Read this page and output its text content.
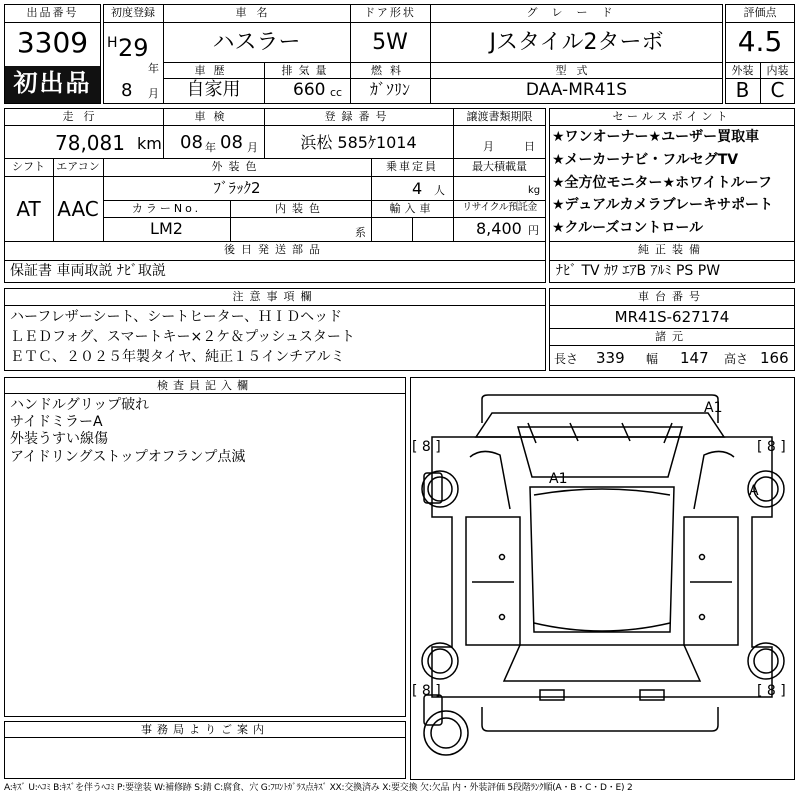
出品番号
3309
初出品
初度登録
H 29
年
8 月
車名
ハスラー
ドア形状
5W
グレード
Jスタイル2ターボ
車歴
自家用
排気量
660 cc
燃料
ｶﾞｿﾘﾝ
型式
DAA-MR41S
評価点
4.5
外装	内装
B	C
走行
78,081 km
車検
08 年 08 月
登録番号
浜松 585ｹ1014
譲渡書類期限
月	日
シフト
AT
エアコン
AAC
外装色
ﾌﾞﾗｯｸ2
乗車定員
4 人
最大積載量
kg
カラーNo.
LM2
内装色
系
輸入車	リサイクル預託金
8,400 円
後日発送部品
保証書 車両取説 ﾅﾋﾞ取説
セールスポイント
★ワンオーナー★ユーザー買取車
★メーカーナビ・フルセグTV
★全方位モニター★ホワイトルーフ
★デュアルカメラブレーキサポート
★クルーズコントロール
純正装備
ﾅﾋﾞ TV ｶﾜ ｴｱB ｱﾙﾐ PS PW
注意事項欄
ハーフレザーシート、シートヒーター、ＨＩＤヘッド
ＬＥＤフォグ、スマートキー×２ケ＆プッシュスタート
ＥＴＣ、２０２５年製タイヤ、純正１５インチアルミ
車台番号
MR41S-627174
諸元
長さ 339 幅 147 高さ 166
検査員記入欄
ハンドルグリップ破れ
サイドミラーA
外装うすい線傷
アイドリングストップオフランプ点滅
事務局よりご案内
A1
A1
A
[ 8 ]	[ 8 ]
[ 8 ]	[ 8 ]
A:ｷｽﾞ U:ﾍｺﾐ B:ｷｽﾞを伴うﾍｺﾐ P:要塗装 W:補修跡 S:錆 C:腐食、穴 G:ﾌﾛﾝﾄｶﾞﾗｽ点ｷｽﾞ XX:交換済み X:要交換 欠:欠品 内・外装評価 5段階ﾗﾝｸ順(A・B・C・D・E) 2
